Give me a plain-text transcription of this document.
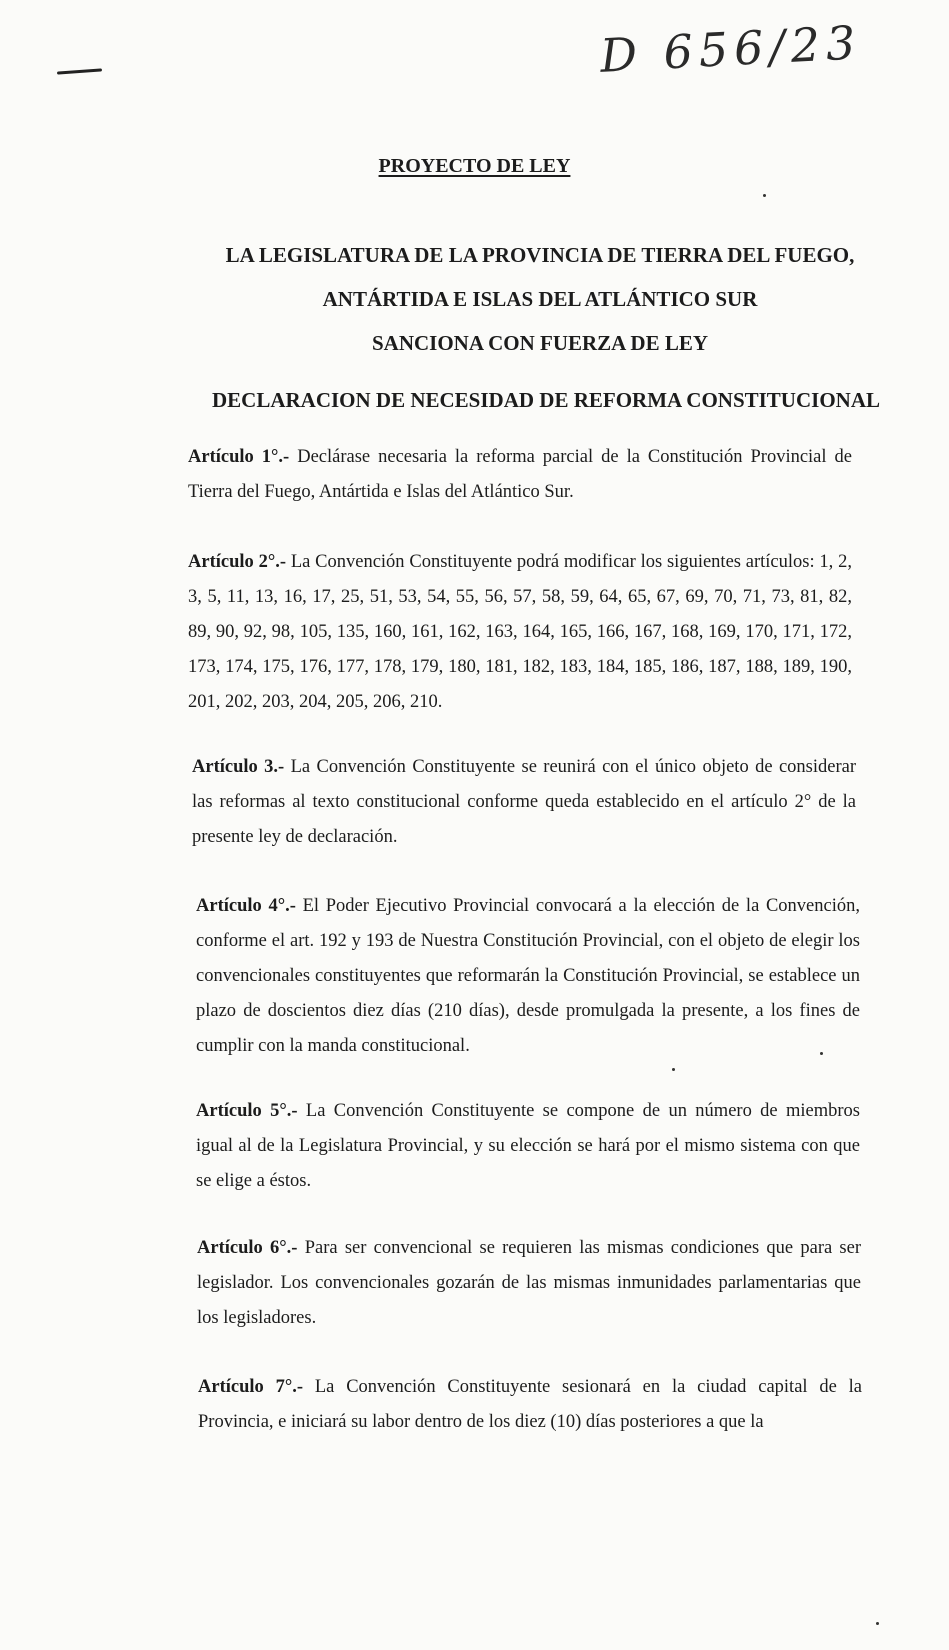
D 656/23
PROYECTO DE LEY
LA LEGISLATURA DE LA PROVINCIA DE TIERRA DEL FUEGO,
ANTÁRTIDA E ISLAS DEL ATLÁNTICO SUR
SANCIONA CON FUERZA DE LEY
DECLARACION DE NECESIDAD DE REFORMA CONSTITUCIONAL
Artículo 1°.- Declárase necesaria la reforma parcial de la Constitución Provincial de Tierra del Fuego, Antártida e Islas del Atlántico Sur.
Artículo 2°.- La Convención Constituyente podrá modificar los siguientes artículos: 1, 2, 3, 5, 11, 13, 16, 17, 25, 51, 53, 54, 55, 56, 57, 58, 59, 64, 65, 67, 69, 70, 71, 73, 81, 82, 89, 90, 92, 98, 105, 135, 160, 161, 162, 163, 164, 165, 166, 167, 168, 169, 170, 171, 172, 173, 174, 175, 176, 177, 178, 179, 180, 181, 182, 183, 184, 185, 186, 187, 188, 189, 190, 201, 202, 203, 204, 205, 206, 210.
Artículo 3.- La Convención Constituyente se reunirá con el único objeto de considerar las reformas al texto constitucional conforme queda establecido en el artículo 2° de la presente ley de declaración.
Artículo 4°.- El Poder Ejecutivo Provincial convocará a la elección de la Convención, conforme el art. 192 y 193 de Nuestra Constitución Provincial, con el objeto de elegir los convencionales constituyentes que reformarán la Constitución Provincial, se establece un plazo de doscientos diez días (210 días), desde promulgada la presente, a los fines de cumplir con la manda constitucional.
Artículo 5°.- La Convención Constituyente se compone de un número de miembros igual al de la Legislatura Provincial, y su elección se hará por el mismo sistema con que se elige a éstos.
Artículo 6°.- Para ser convencional se requieren las mismas condiciones que para ser legislador. Los convencionales gozarán de las mismas inmunidades parlamentarias que los legisladores.
Artículo 7°.- La Convención Constituyente sesionará en la ciudad capital de la Provincia, e iniciará su labor dentro de los diez (10) días posteriores a que la
